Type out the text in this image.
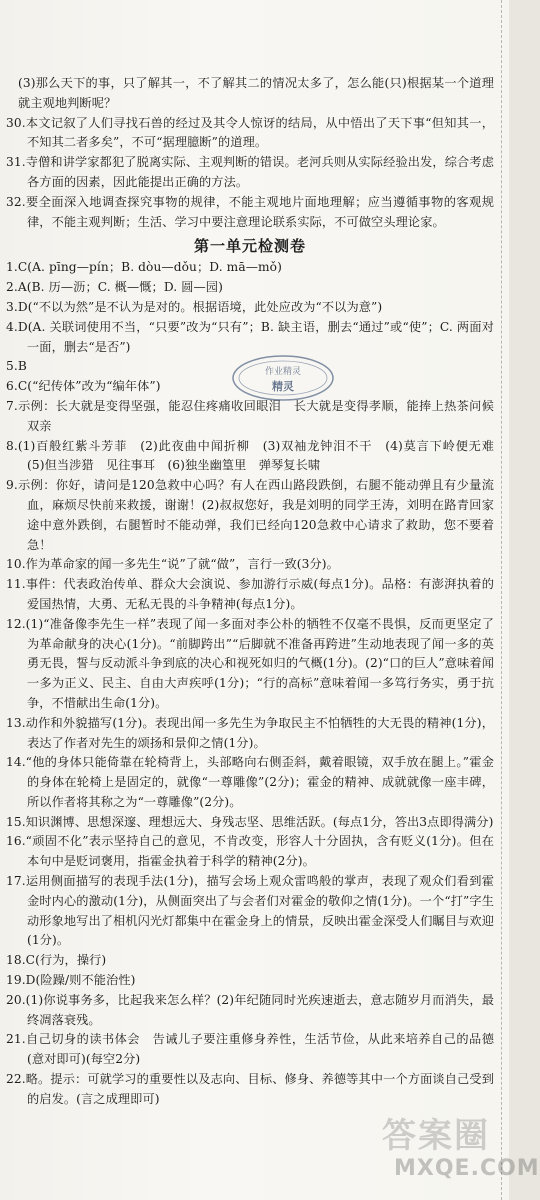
(3)那么天下的事，只了解其一，不了解其二的情况太多了，怎么能(只)根据某一个道理就主观地判断呢？

30.本文记叙了人们寻找石兽的经过及其令人惊讶的结局，从中悟出了天下事“但知其一，不知其二者多矣”，不可“据理臆断”的道理。

31.寺僧和讲学家都犯了脱离实际、主观判断的错误。老河兵则从实际经验出发，综合考虑各方面的因素，因此能提出正确的方法。

32.要全面深入地调查探究事物的规律，不能主观地片面地理解；应当遵循事物的客观规律，不能主观判断；生活、学习中要注意理论联系实际，不可做空头理论家。

第一单元检测卷

1.C(A. pīng—pín；B. dòu—dǒu；D. mā—mǒ)

2.A(B. 历—沥；C. 概—慨；D. 圆—园)

3.D(“不以为然”是不认为是对的。根据语境，此处应改为“不以为意”)

4.D(A. 关联词使用不当，“只要”改为“只有”；B. 缺主语，删去“通过”或“使”；C. 两面对一面，删去“是否”)

5.B

6.C(“纪传体”改为“编年体”)

7.示例：长大就是变得坚强，能忍住疼痛收回眼泪　长大就是变得孝顺，能捧上热茶问候双亲

8.(1)百般红紫斗芳菲　(2)此夜曲中闻折柳　(3)双袖龙钟泪不干　(4)莫言下岭便无难　(5)但当涉猎　见往事耳　(6)独坐幽篁里　弹琴复长啸

9.示例：你好，请问是120急救中心吗？有人在西山路段跌倒，右腿不能动弹且有少量流血，麻烦尽快前来救援，谢谢！(2)叔叔您好，我是刘明的同学王涛，刘明在路青回家途中意外跌倒，右腿暂时不能动弹，我们已经向120急救中心请求了救助，您不要着急！

10.作为革命家的闻一多先生“说”了就“做”，言行一致(3分)。

11.事件：代表政治传单、群众大会演说、参加游行示威(每点1分)。品格：有澎湃执着的爱国热情，大勇、无私无畏的斗争精神(每点1分)。

12.(1)“准备像李先生一样”表现了闻一多面对李公朴的牺牲不仅毫不畏惧，反而更坚定了为革命献身的决心(1分)。“前脚跨出”“后脚就不准备再跨进”生动地表现了闻一多的英勇无畏，誓与反动派斗争到底的决心和视死如归的气概(1分)。(2)“口的巨人”意味着闻一多为正义、民主、自由大声疾呼(1分)；“行的高标”意味着闻一多笃行务实，勇于抗争，不惜献出生命(1分)。

13.动作和外貌描写(1分)。表现出闻一多先生为争取民主不怕牺牲的大无畏的精神(1分)，表达了作者对先生的颂扬和景仰之情(1分)。

14.“他的身体只能倚靠在轮椅背上，头部略向右侧歪斜，戴着眼镜，双手放在腿上。”霍金的身体在轮椅上是固定的，就像“一尊雕像”(2分)；霍金的精神、成就就像一座丰碑，所以作者将其称之为“一尊雕像”(2分)。

15.知识渊博、思想深邃、理想远大、身残志坚、思维活跃。(每点1分，答出3点即得满分)

16.“顽固不化”表示坚持自己的意见，不肯改变，形容人十分固执，含有贬义(1分)。但在本句中是贬词褒用，指霍金执着于科学的精神(2分)。

17.运用侧面描写的表现手法(1分)，描写会场上观众雷鸣般的掌声，表现了观众们看到霍金时内心的激动(1分)，从侧面突出了与会者们对霍金的敬仰之情(1分)。一个“打”字生动形象地写出了相机闪光灯都集中在霍金身上的情景，反映出霍金深受人们瞩目与欢迎(1分)。

18.C(行为，操行)

19.D(险躁/则不能治性)

20.(1)你说事务多，比起我来怎么样？(2)年纪随同时光疾速逝去，意志随岁月而消失，最终凋落衰残。

21.自己切身的读书体会　告诫儿子要注重修身养性，生活节俭，从此来培养自己的品德(意对即可)(每空2分)

22.略。提示：可就学习的重要性以及志向、目标、修身、养德等其中一个方面谈自己受到的启发。(言之成理即可)

作业精灵
精灵
答案圈
MXQE.COM
